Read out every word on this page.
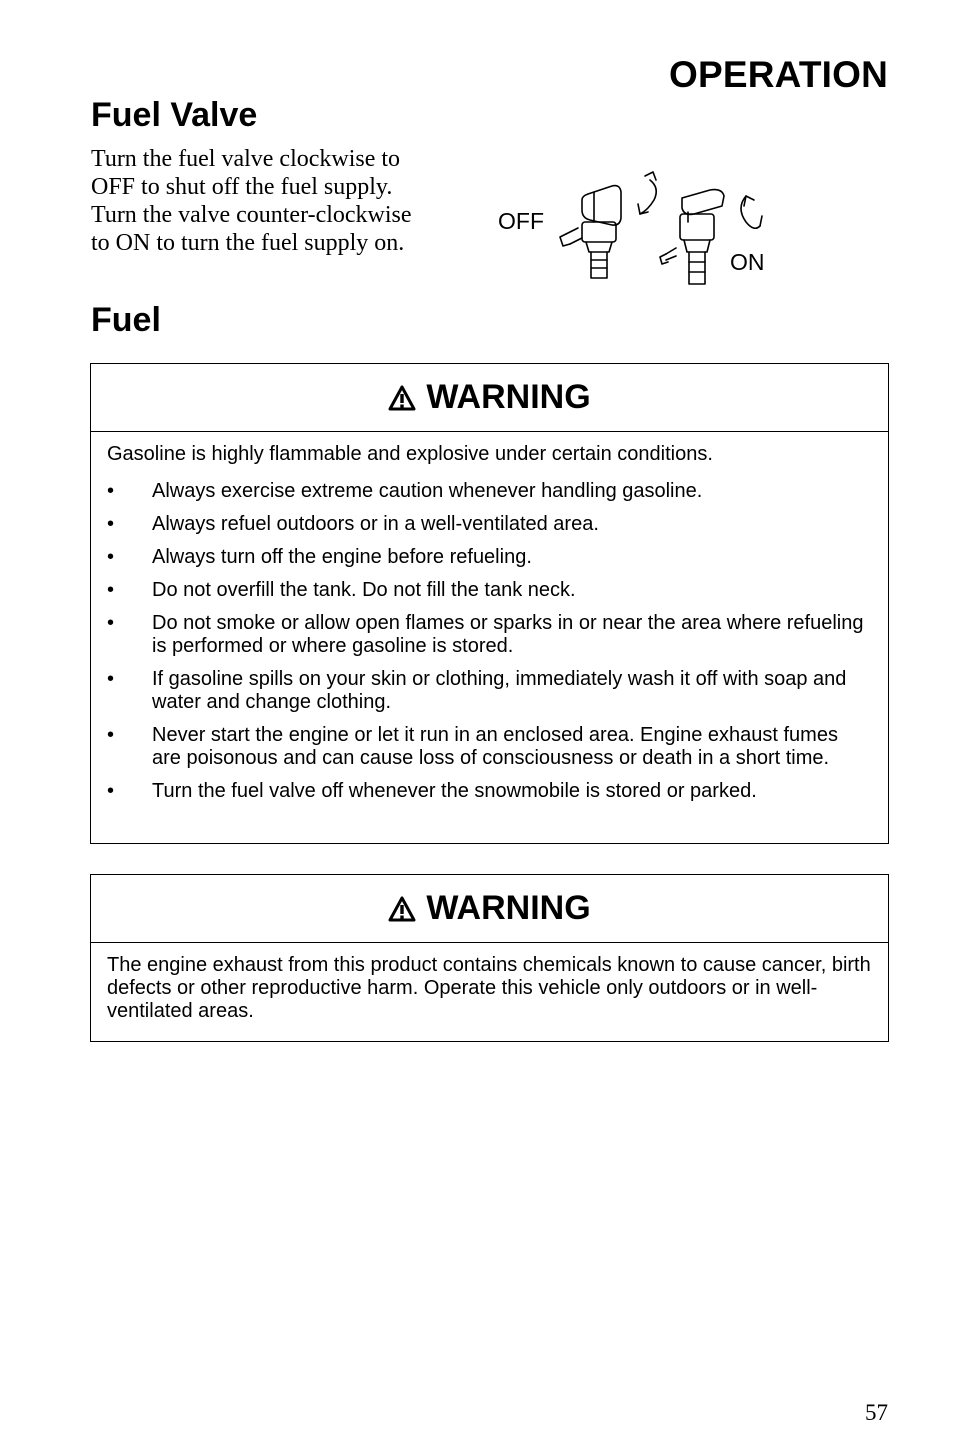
OPERATION
Fuel Valve
Turn the fuel valve clockwise to OFF to shut off the fuel supply. Turn the valve counter-clockwise to ON to turn the fuel supply on.
OFF
ON
Fuel
WARNING

Gasoline is highly flammable and explosive under certain conditions.

• Always exercise extreme caution whenever handling gasoline.
• Always refuel outdoors or in a well-ventilated area.
• Always turn off the engine before refueling.
• Do not overfill the tank. Do not fill the tank neck.
• Do not smoke or allow open flames or sparks in or near the area where refueling is performed or where gasoline is stored.
• If gasoline spills on your skin or clothing, immediately wash it off with soap and water and change clothing.
• Never start the engine or let it run in an enclosed area. Engine exhaust fumes are poisonous and can cause loss of consciousness or death in a short time.
• Turn the fuel valve off whenever the snowmobile is stored or parked.
WARNING

The engine exhaust from this product contains chemicals known to cause cancer, birth defects or other reproductive harm. Operate this vehicle only outdoors or in well-ventilated areas.

57
